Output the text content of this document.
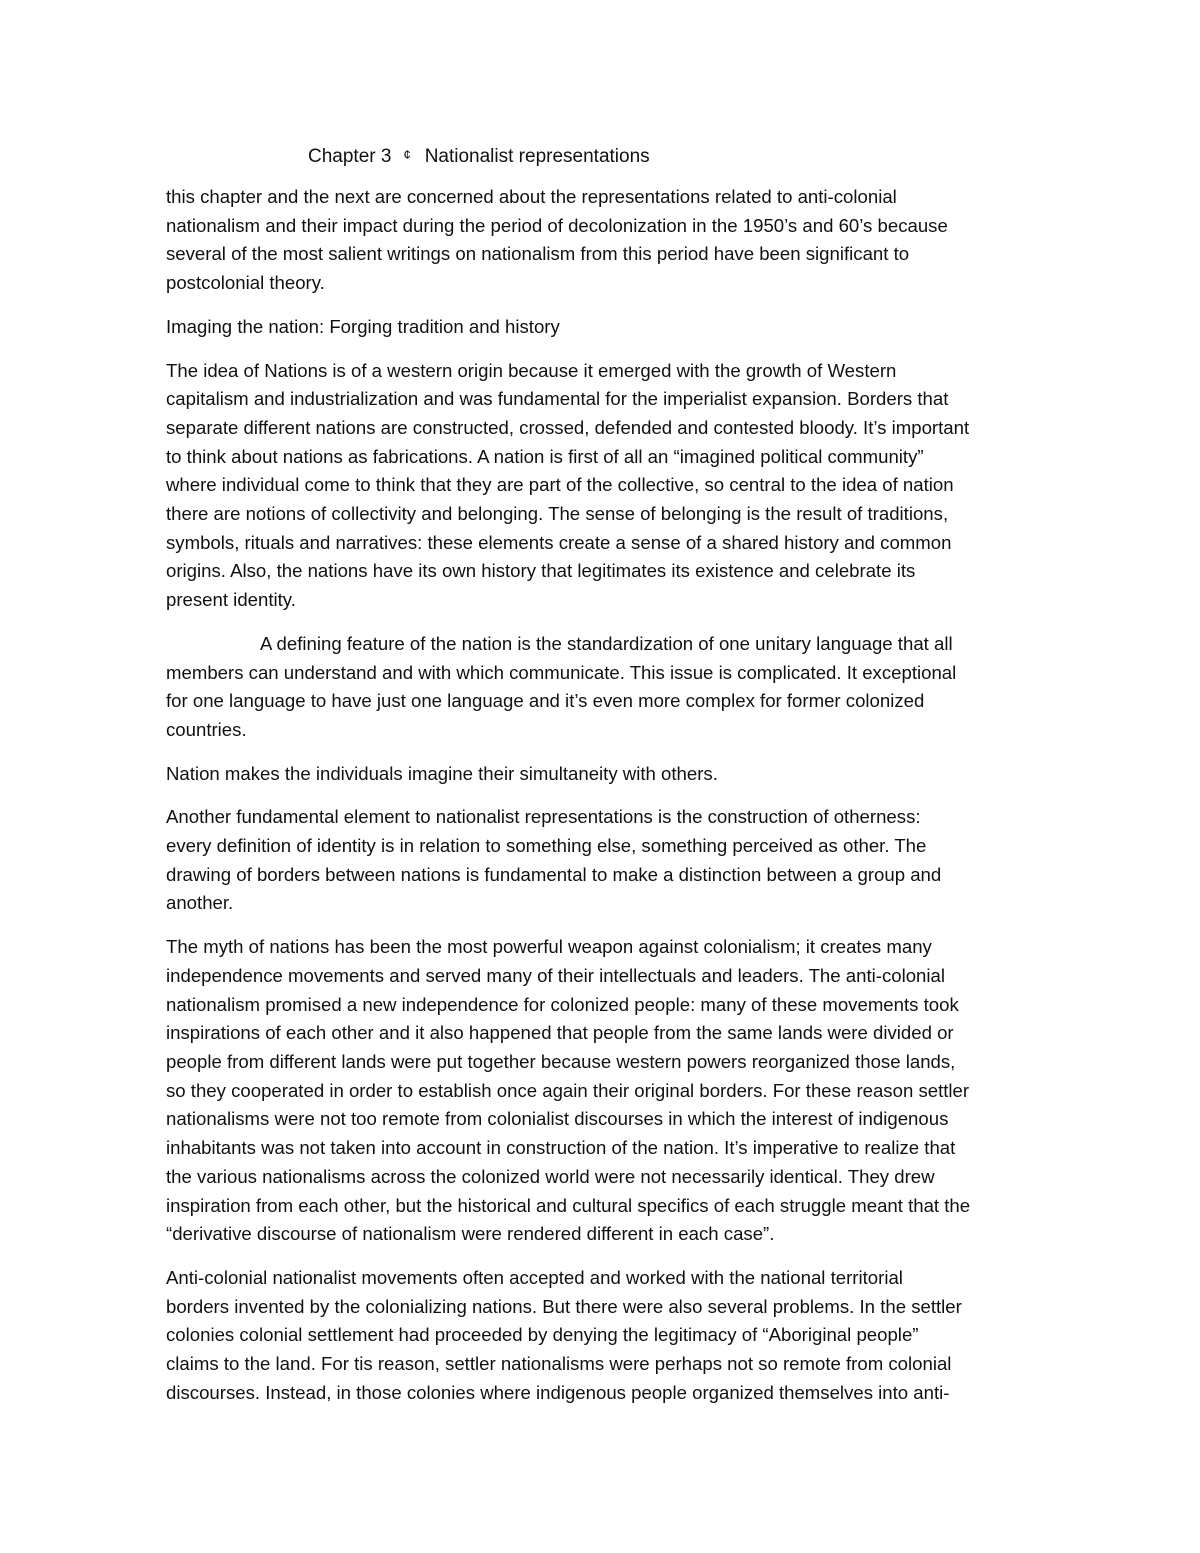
Chapter 3 ¢ Nationalist representations

this chapter and the next are concerned about the representations related to anti-colonial
nationalism and their impact during the period of decolonization in the 1950’s and 60’s because
several of the most salient writings on nationalism from this period have been significant to
postcolonial theory.

Imaging the nation: Forging tradition and history

The idea of Nations is of a western origin because it emerged with the growth of Western
capitalism and industrialization and was fundamental for the imperialist expansion. Borders that
separate different nations are constructed, crossed, defended and contested bloody. It’s important
to think about nations as fabrications. A nation is first of all an “imagined political community”
where individual come to think that they are part of the collective, so central to the idea of nation
there are notions of collectivity and belonging. The sense of belonging is the result of traditions,
symbols, rituals and narratives: these elements create a sense of a shared history and common
origins. Also, the nations have its own history that legitimates its existence and celebrate its
present identity.

A defining feature of the nation is the standardization of one unitary language that all
members can understand and with which communicate. This issue is complicated. It exceptional
for one language to have just one language and it’s even more complex for former colonized
countries.

Nation makes the individuals imagine their simultaneity with others.

Another fundamental element to nationalist representations is the construction of otherness:
every definition of identity is in relation to something else, something perceived as other. The
drawing of borders between nations is fundamental to make a distinction between a group and
another.

The myth of nations has been the most powerful weapon against colonialism; it creates many
independence movements and served many of their intellectuals and leaders. The anti-colonial
nationalism promised a new independence for colonized people: many of these movements took
inspirations of each other and it also happened that people from the same lands were divided or
people from different lands were put together because western powers reorganized those lands,
so they cooperated in order to establish once again their original borders. For these reason settler
nationalisms were not too remote from colonialist discourses in which the interest of indigenous
inhabitants was not taken into account in construction of the nation. It’s imperative to realize that
the various nationalisms across the colonized world were not necessarily identical. They drew
inspiration from each other, but the historical and cultural specifics of each struggle meant that the
“derivative discourse of nationalism were rendered different in each case”.

Anti-colonial nationalist movements often accepted and worked with the national territorial
borders invented by the colonializing nations. But there were also several problems. In the settler
colonies colonial settlement had proceeded by denying the legitimacy of “Aboriginal people”
claims to the land. For tis reason, settler nationalisms were perhaps not so remote from colonial
discourses. Instead, in those colonies where indigenous people organized themselves into anti-
